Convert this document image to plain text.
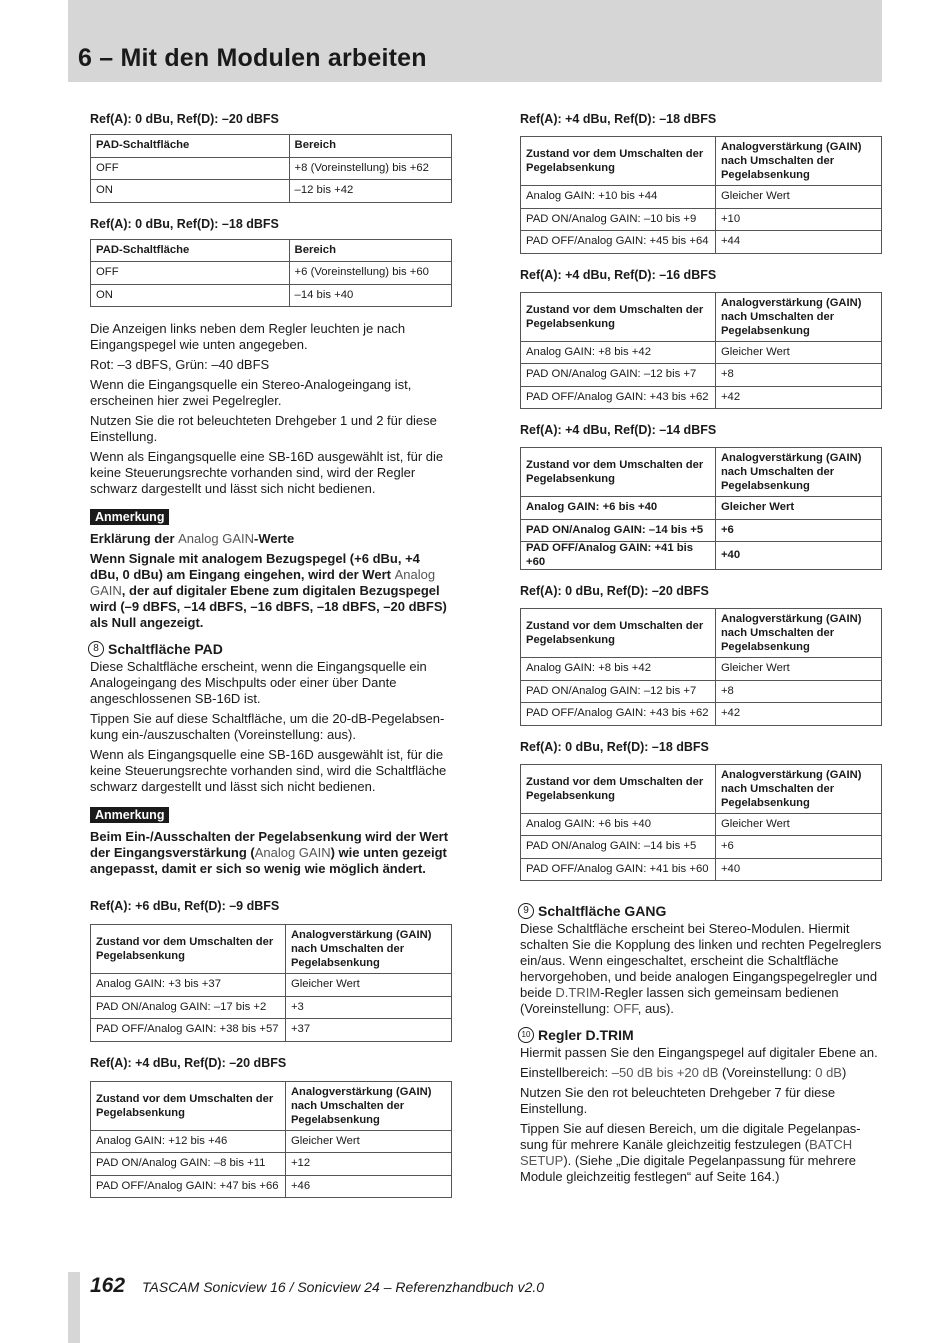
6 – Mit den Modulen arbeiten
Ref(A): 0 dBu, Ref(D): –20 dBFS
PAD-Schaltfläche	Bereich
OFF	+8 (Voreinstellung) bis +62
ON	–12 bis +42
Ref(A): 0 dBu, Ref(D): –18 dBFS
PAD-Schaltfläche	Bereich
OFF	+6 (Voreinstellung) bis +60
ON	–14 bis +40

Die Anzeigen links neben dem Regler leuchten je nach Eingangspegel wie unten angegeben.

Rot: –3 dBFS, Grün: –40 dBFS

Wenn die Eingangsquelle ein Stereo-Analogeingang ist, erscheinen hier zwei Pegelregler.

Nutzen Sie die rot beleuchteten Drehgeber 1 und 2 für diese Einstellung.

Wenn als Eingangsquelle eine SB-16D ausgewählt ist, für die keine Steuerungsrechte vorhanden sind, wird der Regler schwarz dargestellt und lässt sich nicht bedienen.

Anmerkung
Erklärung der Analog GAIN-Werte
Wenn Signale mit analogem Bezugspegel (+6 dBu, +4 dBu, 0 dBu) am Eingang eingehen, wird der Wert Analog GAIN, der auf digitaler Ebene zum digitalen Bezugspegel wird (–9 dBFS, –14 dBFS, –16 dBFS, –18 dBFS, –20 dBFS) als Null angezeigt.
8 Schaltfläche PAD

Diese Schaltfläche erscheint, wenn die Eingangsquelle ein Analogeingang des Mischpults oder einer über Dante angeschlossenen SB-16D ist.

Tippen Sie auf diese Schaltfläche, um die 20-dB-Pegelabsenkung ein-/auszuschalten (Voreinstellung: aus).

Wenn als Eingangsquelle eine SB-16D ausgewählt ist, für die keine Steuerungsrechte vorhanden sind, wird die Schaltfläche schwarz dargestellt und lässt sich nicht bedienen.

Anmerkung
Beim Ein-/Ausschalten der Pegelabsenkung wird der Wert der Eingangsverstärkung (Analog GAIN) wie unten gezeigt angepasst, damit er sich so wenig wie möglich ändert.
Ref(A): +6 dBu, Ref(D): –9 dBFS
Zustand vor dem Umschalten der Pegelabsenkung	Analogverstärkung (GAIN) nach Umschalten der Pegelabsenkung
Analog GAIN: +3 bis +37	Gleicher Wert
PAD ON/Analog GAIN: –17 bis +2	+3
PAD OFF/Analog GAIN: +38 bis +57	+37
Ref(A): +4 dBu, Ref(D): –20 dBFS
Zustand vor dem Umschalten der Pegelabsenkung	Analogverstärkung (GAIN) nach Umschalten der Pegelabsenkung
Analog GAIN: +12 bis +46	Gleicher Wert
PAD ON/Analog GAIN: –8 bis +11	+12
PAD OFF/Analog GAIN: +47 bis +66	+46
Ref(A): +4 dBu, Ref(D): –18 dBFS
Zustand vor dem Umschalten der Pegelabsenkung	Analogverstärkung (GAIN) nach Umschalten der Pegelabsenkung
Analog GAIN: +10 bis +44	Gleicher Wert
PAD ON/Analog GAIN: –10 bis +9	+10
PAD OFF/Analog GAIN: +45 bis +64	+44
Ref(A): +4 dBu, Ref(D): –16 dBFS
Zustand vor dem Umschalten der Pegelabsenkung	Analogverstärkung (GAIN) nach Umschalten der Pegelabsenkung
Analog GAIN: +8 bis +42	Gleicher Wert
PAD ON/Analog GAIN: –12 bis +7	+8
PAD OFF/Analog GAIN: +43 bis +62	+42
Ref(A): +4 dBu, Ref(D): –14 dBFS
Zustand vor dem Umschalten der Pegelabsenkung	Analogverstärkung (GAIN) nach Umschalten der Pegelabsenkung
Analog GAIN: +6 bis +40	Gleicher Wert
PAD ON/Analog GAIN: –14 bis +5	+6
PAD OFF/Analog GAIN: +41 bis +60	+40
Ref(A): 0 dBu, Ref(D): –20 dBFS
Zustand vor dem Umschalten der Pegelabsenkung	Analogverstärkung (GAIN) nach Umschalten der Pegelabsenkung
Analog GAIN: +8 bis +42	Gleicher Wert
PAD ON/Analog GAIN: –12 bis +7	+8
PAD OFF/Analog GAIN: +43 bis +62	+42
Ref(A): 0 dBu, Ref(D): –18 dBFS
Zustand vor dem Umschalten der Pegelabsenkung	Analogverstärkung (GAIN) nach Umschalten der Pegelabsenkung
Analog GAIN: +6 bis +40	Gleicher Wert
PAD ON/Analog GAIN: –14 bis +5	+6
PAD OFF/Analog GAIN: +41 bis +60	+40
9 Schaltfläche GANG

Diese Schaltfläche erscheint bei Stereo-Modulen. Hiermit schalten Sie die Kopplung des linken und rechten Pegelreglers ein/aus. Wenn eingeschaltet, erscheint die Schaltfläche hervorgehoben, und beide analogen Eingangspegelregler und beide D.TRIM-Regler lassen sich gemeinsam bedienen (Voreinstellung: OFF, aus).

10 Regler D.TRIM

Hiermit passen Sie den Eingangspegel auf digitaler Ebene an.

Einstellbereich: –50 dB bis +20 dB (Voreinstellung: 0 dB)

Nutzen Sie den rot beleuchteten Drehgeber 7 für diese Einstellung.

Tippen Sie auf diesen Bereich, um die digitale Pegelanpassung für mehrere Kanäle gleichzeitig festzulegen (BATCH SETUP). (Siehe „Die digitale Pegelanpassung für mehrere Module gleichzeitig festlegen“ auf Seite 164.)

162 TASCAM Sonicview 16 / Sonicview 24 – Referenzhandbuch v2.0
